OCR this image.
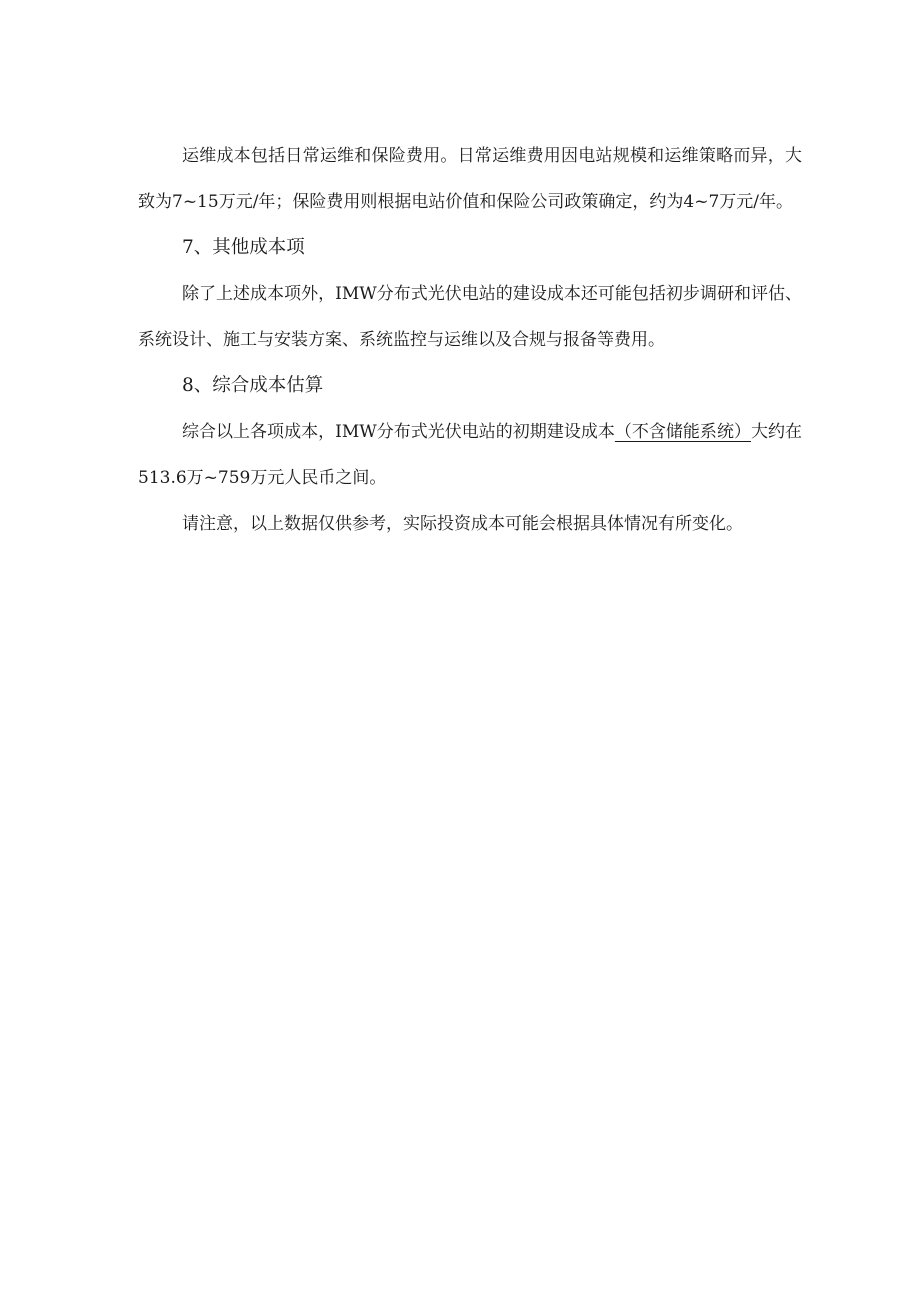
运维成本包括日常运维和保险费用。日常运维费用因电站规模和运维策略而异，大致为7~15万元/年；保险费用则根据电站价值和保险公司政策确定，约为4~7万元/年。

7、其他成本项

除了上述成本项外，IMW分布式光伏电站的建设成本还可能包括初步调研和评估、系统设计、施工与安装方案、系统监控与运维以及合规与报备等费用。

8、综合成本估算

综合以上各项成本，IMW分布式光伏电站的初期建设成本（不含储能系统）大约在513.6万~759万元人民币之间。

请注意，以上数据仅供参考，实际投资成本可能会根据具体情况有所变化。
